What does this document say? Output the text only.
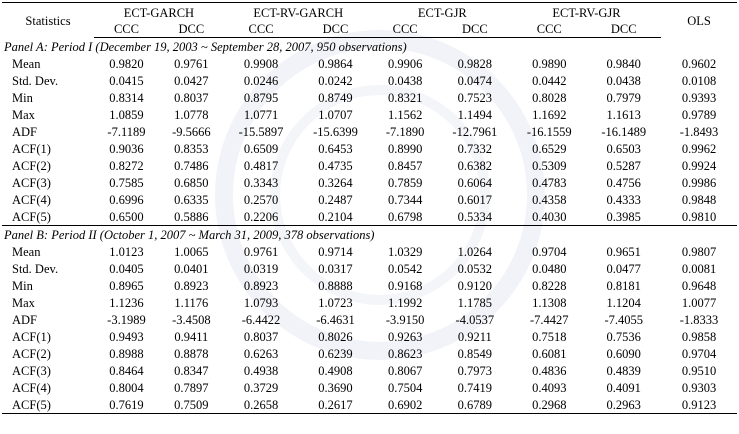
Statistics	ECT-GARCH		ECT-RV-GARCH		ECT-GJR		ECT-RV-GJR		OLS
	CCC	DCC	CCC	DCC	CCC	DCC	CCC	DCC	
Panel A: Period I (December 19, 2003 ~ September 28, 2007, 950 observations)									
Mean	0.9820	0.9761	0.9908	0.9864	0.9906	0.9828	0.9890	0.9840	0.9602
Std. Dev.	0.0415	0.0427	0.0246	0.0242	0.0438	0.0474	0.0442	0.0438	0.0108
Min	0.8314	0.8037	0.8795	0.8749	0.8321	0.7523	0.8028	0.7979	0.9393
Max	1.0859	1.0778	1.0771	1.0707	1.1562	1.1494	1.1692	1.1613	0.9789
ADF	-7.1189	-9.5666	-15.5897	-15.6399	-7.1890	-12.7961	-16.1559	-16.1489	-1.8493
ACF(1)	0.9036	0.8353	0.6509	0.6453	0.8990	0.7332	0.6529	0.6503	0.9962
ACF(2)	0.8272	0.7486	0.4817	0.4735	0.8457	0.6382	0.5309	0.5287	0.9924
ACF(3)	0.7585	0.6850	0.3343	0.3264	0.7859	0.6064	0.4783	0.4756	0.9986
ACF(4)	0.6996	0.6335	0.2570	0.2487	0.7344	0.6017	0.4358	0.4333	0.9848
ACF(5)	0.6500	0.5886	0.2206	0.2104	0.6798	0.5334	0.4030	0.3985	0.9810
Panel B: Period II (October 1, 2007 ~ March 31, 2009, 378 observations)									
Mean	1.0123	1.0065	0.9761	0.9714	1.0329	1.0264	0.9704	0.9651	0.9807
Std. Dev.	0.0405	0.0401	0.0319	0.0317	0.0542	0.0532	0.0480	0.0477	0.0081
Min	0.8965	0.8923	0.8923	0.8888	0.9168	0.9120	0.8228	0.8181	0.9648
Max	1.1236	1.1176	1.0793	1.0723	1.1992	1.1785	1.1308	1.1204	1.0077
ADF	-3.1989	-3.4508	-6.4422	-6.4631	-3.9150	-4.0537	-7.4427	-7.4055	-1.8333
ACF(1)	0.9493	0.9411	0.8037	0.8026	0.9263	0.9211	0.7518	0.7536	0.9858
ACF(2)	0.8988	0.8878	0.6263	0.6239	0.8623	0.8549	0.6081	0.6090	0.9704
ACF(3)	0.8464	0.8347	0.4938	0.4908	0.8067	0.7973	0.4836	0.4839	0.9510
ACF(4)	0.8004	0.7897	0.3729	0.3690	0.7504	0.7419	0.4093	0.4091	0.9303
ACF(5)	0.7619	0.7509	0.2658	0.2617	0.6902	0.6789	0.2968	0.2963	0.9123
